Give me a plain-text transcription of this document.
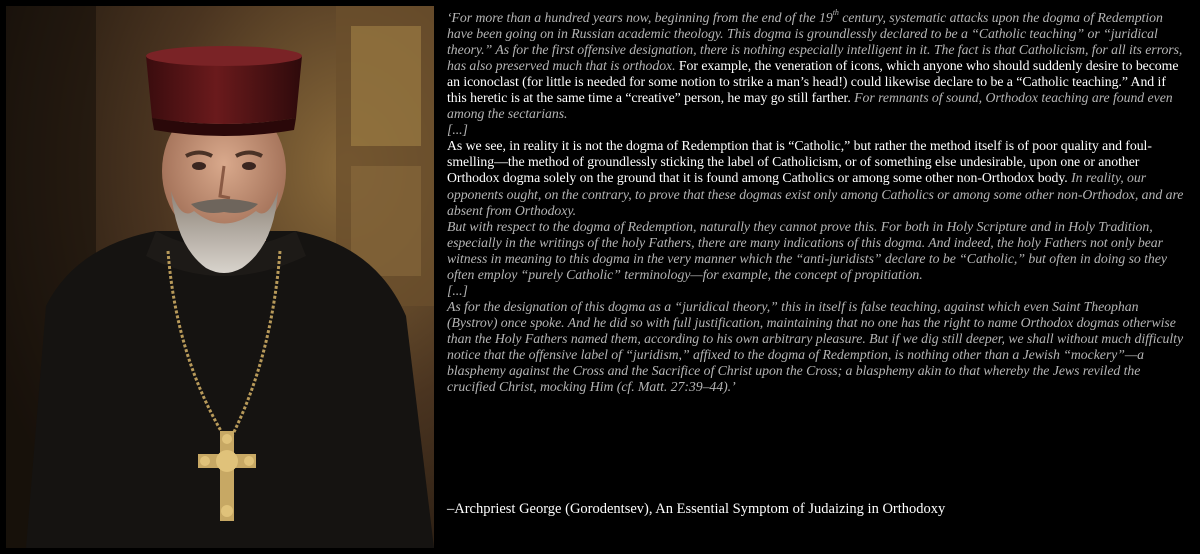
‘For more than a hundred years now, beginning from the end of the 19th century, systematic attacks upon the dogma of Redemption have been going on in Russian academic theology. This dogma is groundlessly declared to be a “Catholic teaching” or “juridical theory.” As for the first offensive designation, there is nothing especially intelligent in it. The fact is that Catholicism, for all its errors, has also preserved much that is orthodox. For example, the veneration of icons, which anyone who should suddenly desire to become an iconoclast (for little is needed for some notion to strike a man’s head!) could likewise declare to be a “Catholic teaching.” And if this heretic is at the same time a “creative” person, he may go still farther. For remnants of sound, Orthodox teaching are found even among the sectarians.

[...]

As we see, in reality it is not the dogma of Redemption that is “Catholic,” but rather the method itself is of poor quality and foul-smelling—the method of groundlessly sticking the label of Catholicism, or of something else undesirable, upon one or another Orthodox dogma solely on the ground that it is found among Catholics or among some other non-Orthodox body. In reality, our opponents ought, on the contrary, to prove that these dogmas exist only among Catholics or among some other non-Orthodox, and are absent from Orthodoxy.

But with respect to the dogma of Redemption, naturally they cannot prove this. For both in Holy Scripture and in Holy Tradition, especially in the writings of the holy Fathers, there are many indications of this dogma. And indeed, the holy Fathers not only bear witness in meaning to this dogma in the very manner which the “anti-juridists” declare to be “Catholic,” but often in doing so they often employ “purely Catholic” terminology—for example, the concept of propitiation.

[...]

As for the designation of this dogma as a “juridical theory,” this in itself is false teaching, against which even Saint Theophan (Bystrov) once spoke. And he did so with full justification, maintaining that no one has the right to name Orthodox dogmas otherwise than the Holy Fathers named them, according to his own arbitrary pleasure. But if we dig still deeper, we shall without much difficulty notice that the offensive label of “juridism,” affixed to the dogma of Redemption, is nothing other than a Jewish “mockery”—a blasphemy against the Cross and the Sacrifice of Christ upon the Cross; a blasphemy akin to that whereby the Jews reviled the crucified Christ, mocking Him (cf. Matt. 27:39–44).’

–Archpriest George (Gorodentsev), An Essential Symptom of Judaizing in Orthodoxy
